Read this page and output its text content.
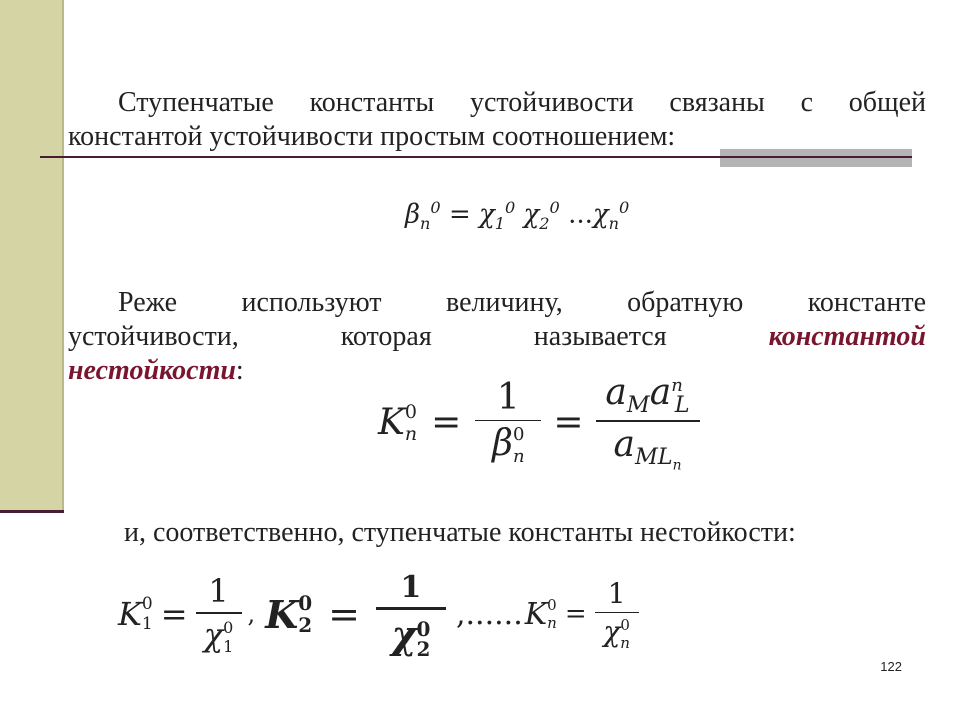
Ступенчатые константы устойчивости связаны с общей
константой устойчивости простым соотношением:
$\beta_n^0 = \chi_1^0$ $\chi_2^0$ $...\chi_n^0$
Реже используют величину, обратную константе
устойчивости,	которая	называется	константой
нестойкости:
K 0
n = 1
β 0
$n = \frac{a_Ma^n_L}{a_{ML_n}}$
и, соответственно, ступенчатые константы нестойкости:
K 0
1 = 1
χ 0
1 , K 0
2 = 1
χ 0
2 ,...... K 0
n = 1
χ 0
n
122
